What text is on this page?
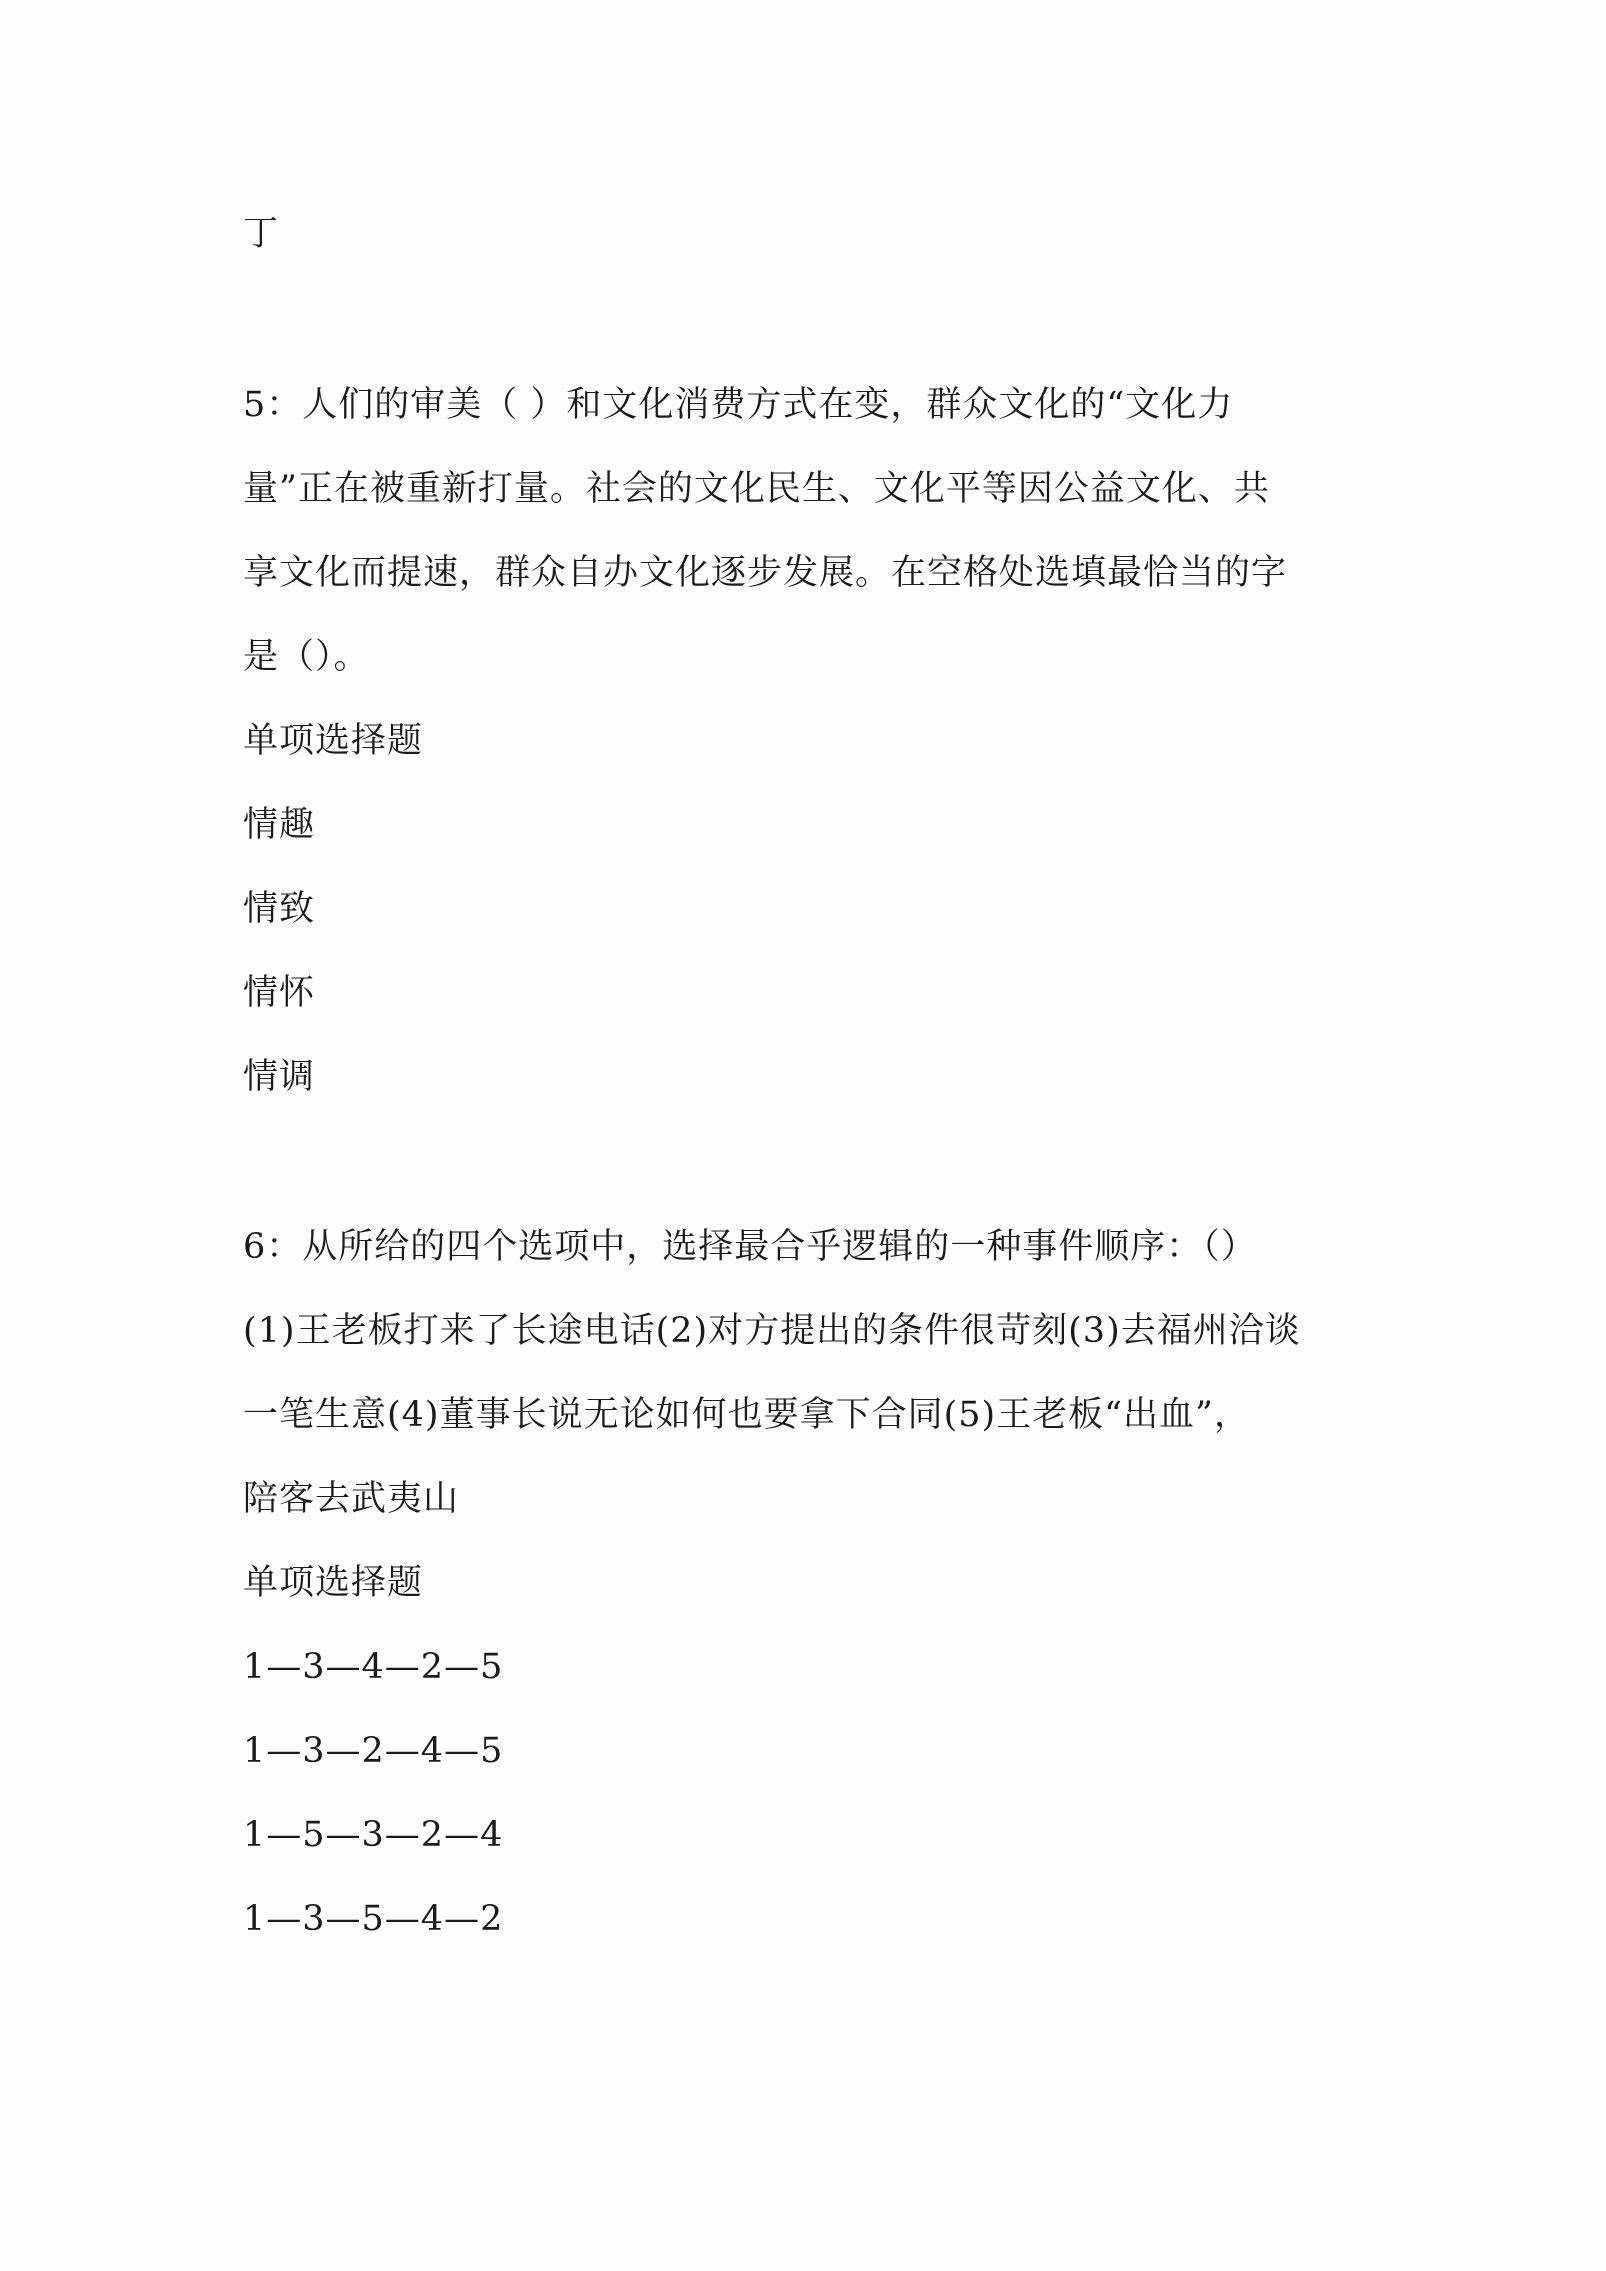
丁
5：人们的审美（ ）和文化消费方式在变，群众文化的“文化力
量”正在被重新打量。社会的文化民生、文化平等因公益文化、共
享文化而提速，群众自办文化逐步发展。在空格处选填最恰当的字
是（）。
单项选择题
情趣
情致
情怀
情调
6：从所给的四个选项中，选择最合乎逻辑的一种事件顺序：（）
(1)王老板打来了长途电话(2)对方提出的条件很苛刻(3)去福州洽谈
一笔生意(4)董事长说无论如何也要拿下合同(5)王老板“出血”，
陪客去武夷山
单项选择题
1—3—4—2—5
1—3—2—4—5
1—5—3—2—4
1—3—5—4—2
